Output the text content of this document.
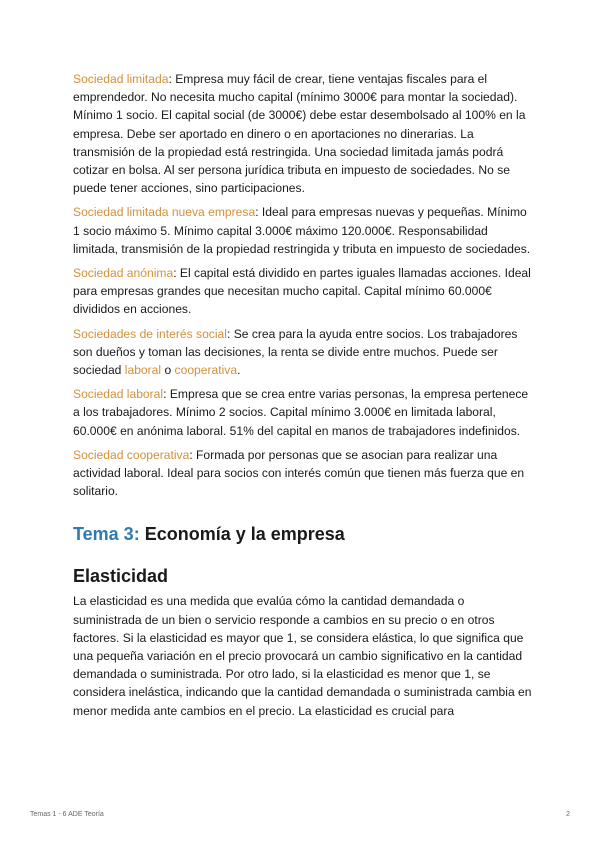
Sociedad limitada: Empresa muy fácil de crear, tiene ventajas fiscales para el emprendedor. No necesita mucho capital (mínimo 3000€ para montar la sociedad). Mínimo 1 socio. El capital social (de 3000€) debe estar desembolsado al 100% en la empresa. Debe ser aportado en dinero o en aportaciones no dinerarias. La transmisión de la propiedad está restringida. Una sociedad limitada jamás podrá cotizar en bolsa. Al ser persona jurídica tributa en impuesto de sociedades. No se puede tener acciones, sino participaciones.

Sociedad limitada nueva empresa: Ideal para empresas nuevas y pequeñas. Mínimo 1 socio máximo 5. Mínimo capital 3.000€ máximo 120.000€. Responsabilidad limitada, transmisión de la propiedad restringida y tributa en impuesto de sociedades.

Sociedad anónima: El capital está dividido en partes iguales llamadas acciones. Ideal para empresas grandes que necesitan mucho capital. Capital mínimo 60.000€ divididos en acciones.

Sociedades de interés social: Se crea para la ayuda entre socios. Los trabajadores son dueños y toman las decisiones, la renta se divide entre muchos. Puede ser sociedad laboral o cooperativa.

Sociedad laboral: Empresa que se crea entre varias personas, la empresa pertenece a los trabajadores. Mínimo 2 socios. Capital mínimo 3.000€ en limitada laboral, 60.000€ en anónima laboral. 51% del capital en manos de trabajadores indefinidos.

Sociedad cooperativa: Formada por personas que se asocian para realizar una actividad laboral. Ideal para socios con interés común que tienen más fuerza que en solitario.

Tema 3: Economía y la empresa
Elasticidad

La elasticidad es una medida que evalúa cómo la cantidad demandada o suministrada de un bien o servicio responde a cambios en su precio o en otros factores. Si la elasticidad es mayor que 1, se considera elástica, lo que significa que una pequeña variación en el precio provocará un cambio significativo en la cantidad demandada o suministrada. Por otro lado, si la elasticidad es menor que 1, se considera inelástica, indicando que la cantidad demandada o suministrada cambia en menor medida ante cambios en el precio. La elasticidad es crucial para

Temas 1 - 6 ADE Teoría	2
